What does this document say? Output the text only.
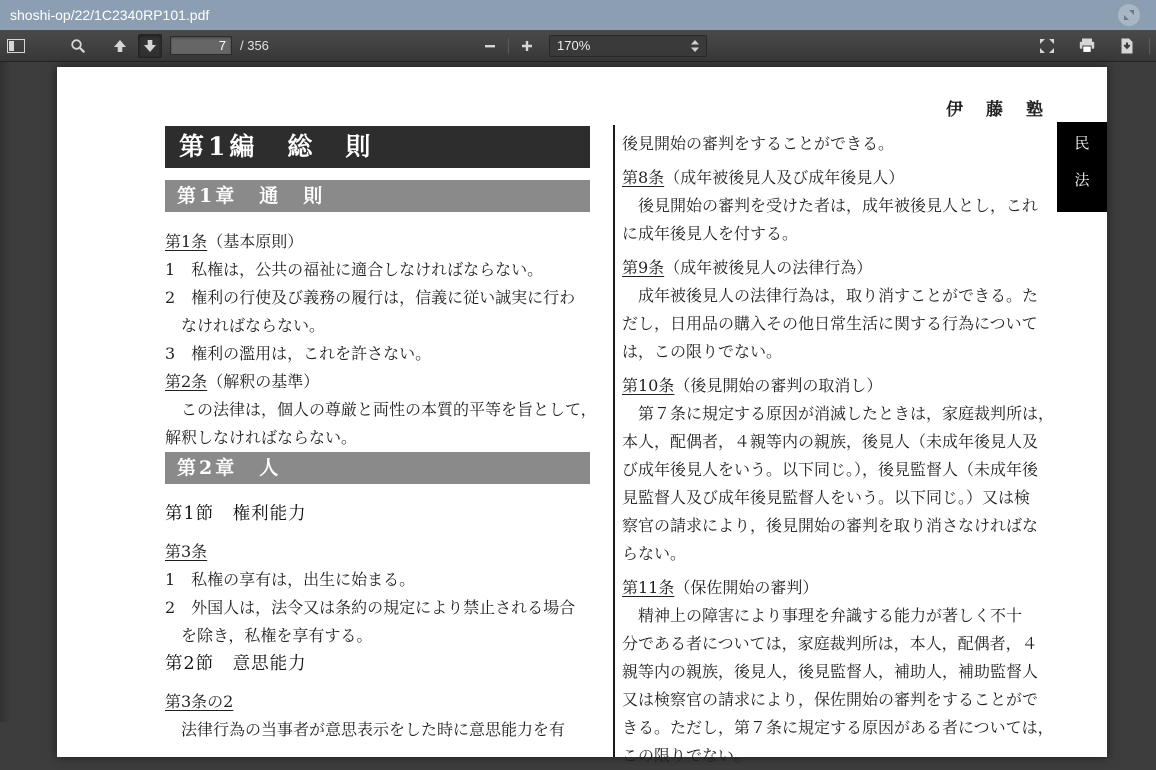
shoshi-op/22/1C2340RP101.pdf
7
/ 356	170%
伊　藤　塾
民法
第1編　総　則
第1章　通　則
第1条（基本原則）
1　私権は，公共の福祉に適合しなければならない。
2　権利の行使及び義務の履行は，信義に従い誠実に行わ
　なければならない。
3　権利の濫用は，これを許さない。
第2条（解釈の基準）
　この法律は，個人の尊厳と両性の本質的平等を旨として，
解釈しなければならない。
第2章　人
第1節　権利能力
第3条
1　私権の享有は，出生に始まる。
2　外国人は，法令又は条約の規定により禁止される場合
　を除き，私権を享有する。
第2節　意思能力
第3条の2
　法律行為の当事者が意思表示をした時に意思能力を有
後見開始の審判をすることができる。
第8条（成年被後見人及び成年後見人）
　後見開始の審判を受けた者は，成年被後見人とし，これ
に成年後見人を付する。
第9条（成年被後見人の法律行為）
　成年被後見人の法律行為は，取り消すことができる。た
だし，日用品の購入その他日常生活に関する行為について
は，この限りでない。
第10条（後見開始の審判の取消し）
　第７条に規定する原因が消滅したときは，家庭裁判所は，
本人，配偶者，４親等内の親族，後見人（未成年後見人及
び成年後見人をいう。以下同じ。），後見監督人（未成年後
見監督人及び成年後見監督人をいう。以下同じ。）又は検
察官の請求により，後見開始の審判を取り消さなければな
らない。
第11条（保佐開始の審判）
　精神上の障害により事理を弁識する能力が著しく不十
分である者については，家庭裁判所は，本人，配偶者，４
親等内の親族，後見人，後見監督人，補助人，補助監督人
又は検察官の請求により，保佐開始の審判をすることがで
きる。ただし，第７条に規定する原因がある者については，
この限りでない。
